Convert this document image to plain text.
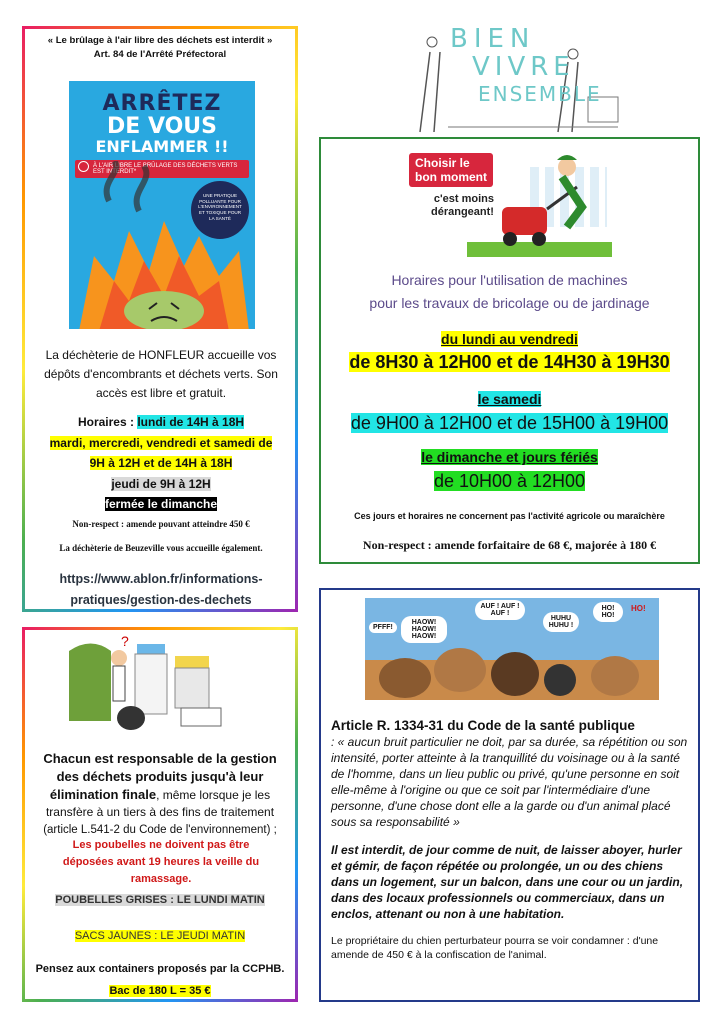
« Le brûlage à l'air libre des déchets est interdit »
Art. 84 de l'Arrêté Préfectoral
ARRÊTEZ
DE VOUS
ENFLAMMER !!
À L'AIR LIBRE LE BRÛLAGE DES DÉCHETS VERTS EST INTERDIT*
UNE PRATIQUE POLLUANTE POUR L'ENVIRONNEMENT ET TOXIQUE POUR LA SANTÉ
La déchèterie de HONFLEUR accueille vos dépôts d'encombrants et déchets verts. Son accès est libre et gratuit.
Horaires : lundi de 14H à 18H
mardi, mercredi, vendredi et samedi de
9H à 12H et de 14H à 18H
jeudi de 9H à 12H
fermée le dimanche
Non-respect : amende pouvant atteindre 450 €
La déchèterie de Beuzeville vous accueille également.
https://www.ablon.fr/informations-
pratiques/gestion-des-dechets
BIEN
VIVRE
ENSEMBLE
Choisir le
bon moment
c'est moins
dérangeant!
Horaires pour l'utilisation de machines
pour les travaux de bricolage ou de jardinage
du lundi au vendredi
de 8H30 à 12H00 et de 14H30 à 19H30
le samedi
de 9H00 à 12H00 et de 15H00 à 19H00
le dimanche et jours fériés
de 10H00 à 12H00
Ces jours et horaires ne concernent pas l'activité agricole ou maraîchère
Non-respect : amende forfaitaire de 68 €, majorée à 180 €
?
Chacun est responsable de la gestion des déchets produits jusqu'à leur élimination finale, même lorsque je les transfère à un tiers à des fins de traitement (article L.541-2 du Code de l'environnement) ;
Les poubelles ne doivent pas être déposées avant 19 heures la veille du ramassage.
POUBELLES GRISES : LE LUNDI MATIN
SACS JAUNES : LE JEUDI MATIN
Pensez aux containers proposés par la CCPHB.
Bac de 180 L = 35 €
PFFF!
HAOW! HAOW! HAOW!
AUF ! AUF ! AUF !
HUHU HUHU !
HO! HO!
HO!
Article R. 1334-31 du Code de la santé publique
: « aucun bruit particulier ne doit, par sa durée, sa répétition ou son intensité, porter atteinte à la tranquillité du voisinage ou à la santé de l'homme, dans un lieu public ou privé, qu'une personne en soit elle-même à l'origine ou que ce soit par l'intermédiaire d'une personne, d'une chose dont elle a la garde ou d'un animal placé sous sa responsabilité »
Il est interdit, de jour comme de nuit, de laisser aboyer, hurler et gémir, de façon répétée ou prolongée, un ou des chiens dans un logement, sur un balcon, dans une cour ou un jardin, dans des locaux professionnels ou commerciaux, dans un enclos, attenant ou non à une habitation.
Le propriétaire du chien perturbateur pourra se voir condamner : d'une amende de 450 € à la confiscation de l'animal.
